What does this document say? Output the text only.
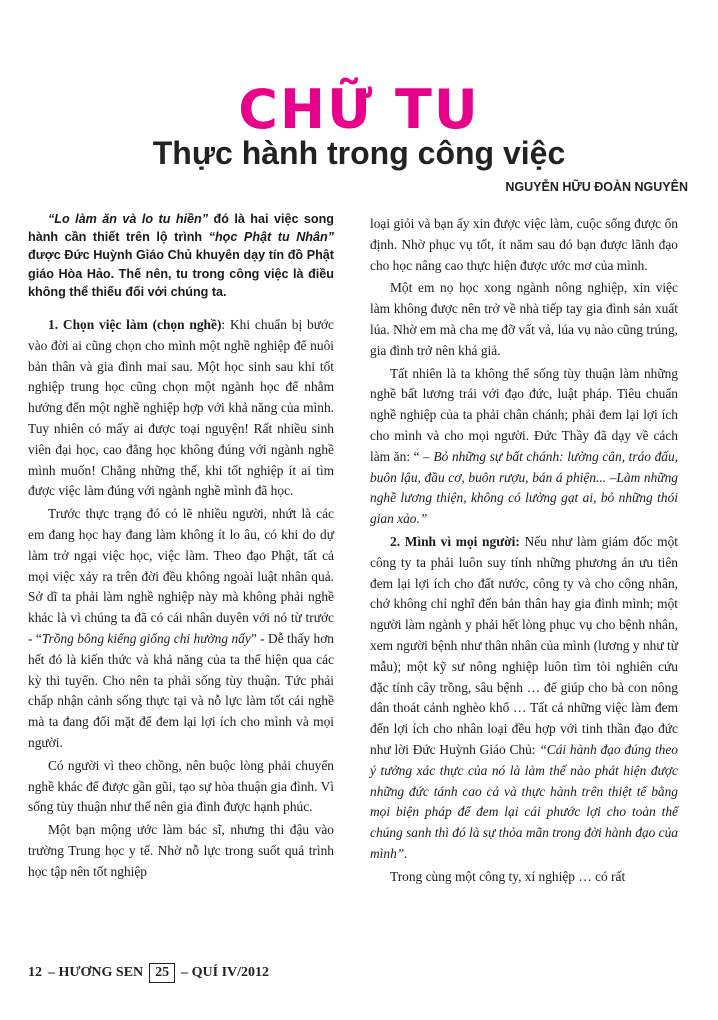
CHỮ TU
Thực hành trong công việc
NGUYỄN HỮU ĐOÀN NGUYÊN

“Lo làm ăn và lo tu hiền” đó là hai việc song hành cần thiết trên lộ trình “học Phật tu Nhân” được Đức Huỳnh Giáo Chủ khuyên dạy tín đồ Phật giáo Hòa Hảo. Thế nên, tu trong công việc là điều không thể thiếu đối với chúng ta.

1. Chọn việc làm (chọn nghề): Khi chuẩn bị bước vào đời ai cũng chọn cho mình một nghề nghiệp để nuôi bản thân và gia đình mai sau. Một học sinh sau khi tốt nghiệp trung học cũng chọn một ngành học để nhằm hướng đến một nghề nghiệp hợp với khả năng của mình. Tuy nhiên có mấy ai được toại nguyện! Rất nhiều sinh viên đại học, cao đẳng học không đúng với ngành nghề mình muốn! Chẳng những thế, khi tốt nghiệp ít ai tìm được việc làm đúng với ngành nghề mình đã học.

Trước thực trạng đó có lẽ nhiều người, nhứt là các em đang học hay đang làm không ít lo âu, có khi do dự làm trở ngại việc học, việc làm. Theo đạo Phật, tất cả mọi việc xảy ra trên đời đều không ngoài luật nhân quả. Sở dĩ ta phải làm nghề nghiệp này mà không phải nghề khác là vì chúng ta đã có cái nhân duyên với nó từ trước - “Trồng bông kiểng giống chi hường nấy” - Dễ thấy hơn hết đó là kiến thức và khả năng của ta thể hiện qua các kỳ thi tuyển. Cho nên ta phải sống tùy thuận. Tức phải chấp nhận cảnh sống thực tại và nỗ lực làm tốt cái nghề mà ta đang đối mặt để đem lại lợi ích cho mình và mọi người.

Có người vì theo chồng, nên buộc lòng phải chuyển nghề khác để được gần gũi, tạo sự hòa thuận gia đình. Vì sống tùy thuận như thế nên gia đình được hạnh phúc.

Một bạn mộng ước làm bác sĩ, nhưng thi đậu vào trường Trung học y tế. Nhờ nỗ lực trong suốt quá trình học tập nên tốt nghiệp

loại giỏi và bạn ấy xin được việc làm, cuộc sống được ổn định. Nhờ phục vụ tốt, ít năm sau đó bạn được lãnh đạo cho học nâng cao thực hiện được ước mơ của mình.

Một em nọ học xong ngành nông nghiệp, xin việc làm không được nên trở về nhà tiếp tay gia đình sản xuất lúa. Nhờ em mà cha mẹ đỡ vất vả, lúa vụ nào cũng trúng, gia đình trở nên khá giả.

Tất nhiên là ta không thể sống tùy thuận làm những nghề bất lương trái với đạo đức, luật pháp. Tiêu chuẩn nghề nghiệp của ta phải chân chánh; phải đem lại lợi ích cho mình và cho mọi người. Đức Thầy đã dạy về cách làm ăn: “ – Bỏ những sự bất chánh: lường cân, tráo đấu, buôn lậu, đầu cơ, buôn rượu, bán á phiện... –Làm những nghề lương thiện, không có lường gạt ai, bỏ những thói gian xảo.”

2. Mình vì mọi người: Nếu như làm giám đốc một công ty ta phải luôn suy tính những phương án ưu tiên đem lại lợi ích cho đất nước, công ty và cho công nhân, chớ không chỉ nghĩ đến bản thân hay gia đình mình; một người làm ngành y phải hết lòng phục vụ cho bệnh nhân, xem người bệnh như thân nhân của mình (lương y như từ mẫu); một kỹ sư nông nghiệp luôn tìm tòi nghiên cứu đặc tính cây trồng, sâu bệnh … để giúp cho bà con nông dân thoát cảnh nghèo khổ … Tất cả những việc làm đem đến lợi ích cho nhân loại đều hợp với tinh thần đạo đức như lời Đức Huỳnh Giáo Chủ: “Cái hành đạo đúng theo ý tưởng xác thực của nó là làm thế nào phát hiện được những đức tánh cao cả và thực hành trên thiệt tế bằng mọi biện pháp để đem lại cái phước lợi cho toàn thể chúng sanh thì đó là sự thỏa mãn trong đời hành đạo của mình”.

Trong cùng một công ty, xí nghiệp … có rất

12 – HƯƠNG SEN 25 – QUÍ IV/2012
